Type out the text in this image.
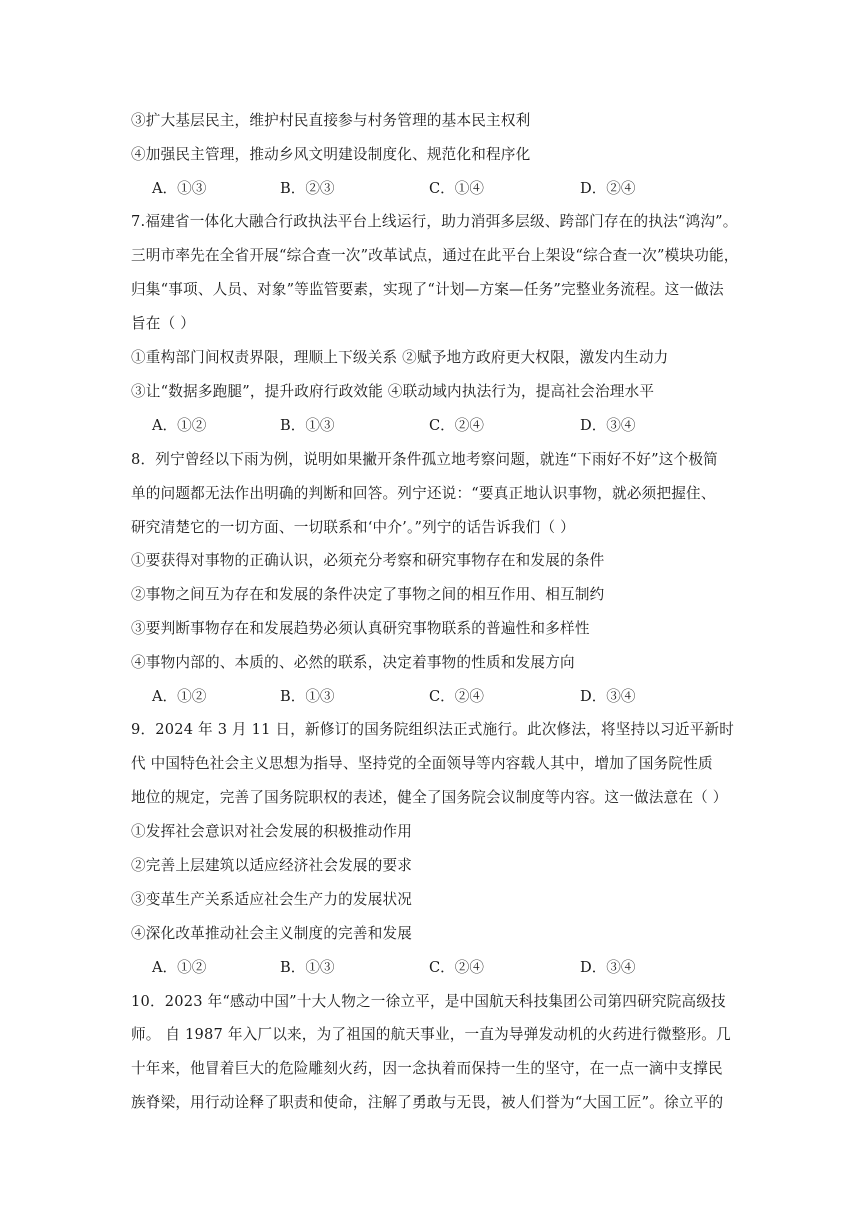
③扩大基层民主，维护村民直接参与村务管理的基本民主权利
④加强民主管理，推动乡风文明建设制度化、规范化和程序化
A．①③	B．②③	C．①④	D．②④
7.福建省一体化大融合行政执法平台上线运行，助力消弭多层级、跨部门存在的执法“鸿沟”。
三明市率先在全省开展“综合查一次”改革试点，通过在此平台上架设“综合查一次”模块功能，
归集“事项、人员、对象”等监管要素，实现了“计划—方案—任务”完整业务流程。这一做法
旨在（ ）
①重构部门间权责界限，理顺上下级关系 ②赋予地方政府更大权限，激发内生动力
③让“数据多跑腿”，提升政府行政效能 ④联动域内执法行为，提高社会治理水平
A．①②	B．①③	C．②④	D．③④
8．列宁曾经以下雨为例，说明如果撇开条件孤立地考察问题，就连“下雨好不好”这个极简
单的问题都无法作出明确的判断和回答。列宁还说：“要真正地认识事物，就必须把握住、
研究清楚它的一切方面、一切联系和‘中介’。”列宁的话告诉我们（ ）
①要获得对事物的正确认识，必须充分考察和研究事物存在和发展的条件
②事物之间互为存在和发展的条件决定了事物之间的相互作用、相互制约
③要判断事物存在和发展趋势必须认真研究事物联系的普遍性和多样性
④事物内部的、本质的、必然的联系，决定着事物的性质和发展方向
A．①②	B．①③	C．②④	D．③④
9．2024 年 3 月 11 日，新修订的国务院组织法正式施行。此次修法，将坚持以习近平新时
代 中国特色社会主义思想为指导、坚持党的全面领导等内容载人其中，增加了国务院性质
地位的规定，完善了国务院职权的表述，健全了国务院会议制度等内容。这一做法意在（ ）
①发挥社会意识对社会发展的积极推动作用
②完善上层建筑以适应经济社会发展的要求
③变革生产关系适应社会生产力的发展状况
④深化改革推动社会主义制度的完善和发展
A．①②	B．①③	C．②④	D．③④
10．2023 年“感动中国”十大人物之一徐立平，是中国航天科技集团公司第四研究院高级技
师。 自 1987 年入厂以来，为了祖国的航天事业，一直为导弹发动机的火药进行微整形。几
十年来，他冒着巨大的危险雕刻火药，因一念执着而保持一生的坚守，在一点一滴中支撑民
族脊梁，用行动诠释了职责和使命，注解了勇敢与无畏，被人们誉为“大国工匠”。徐立平的
